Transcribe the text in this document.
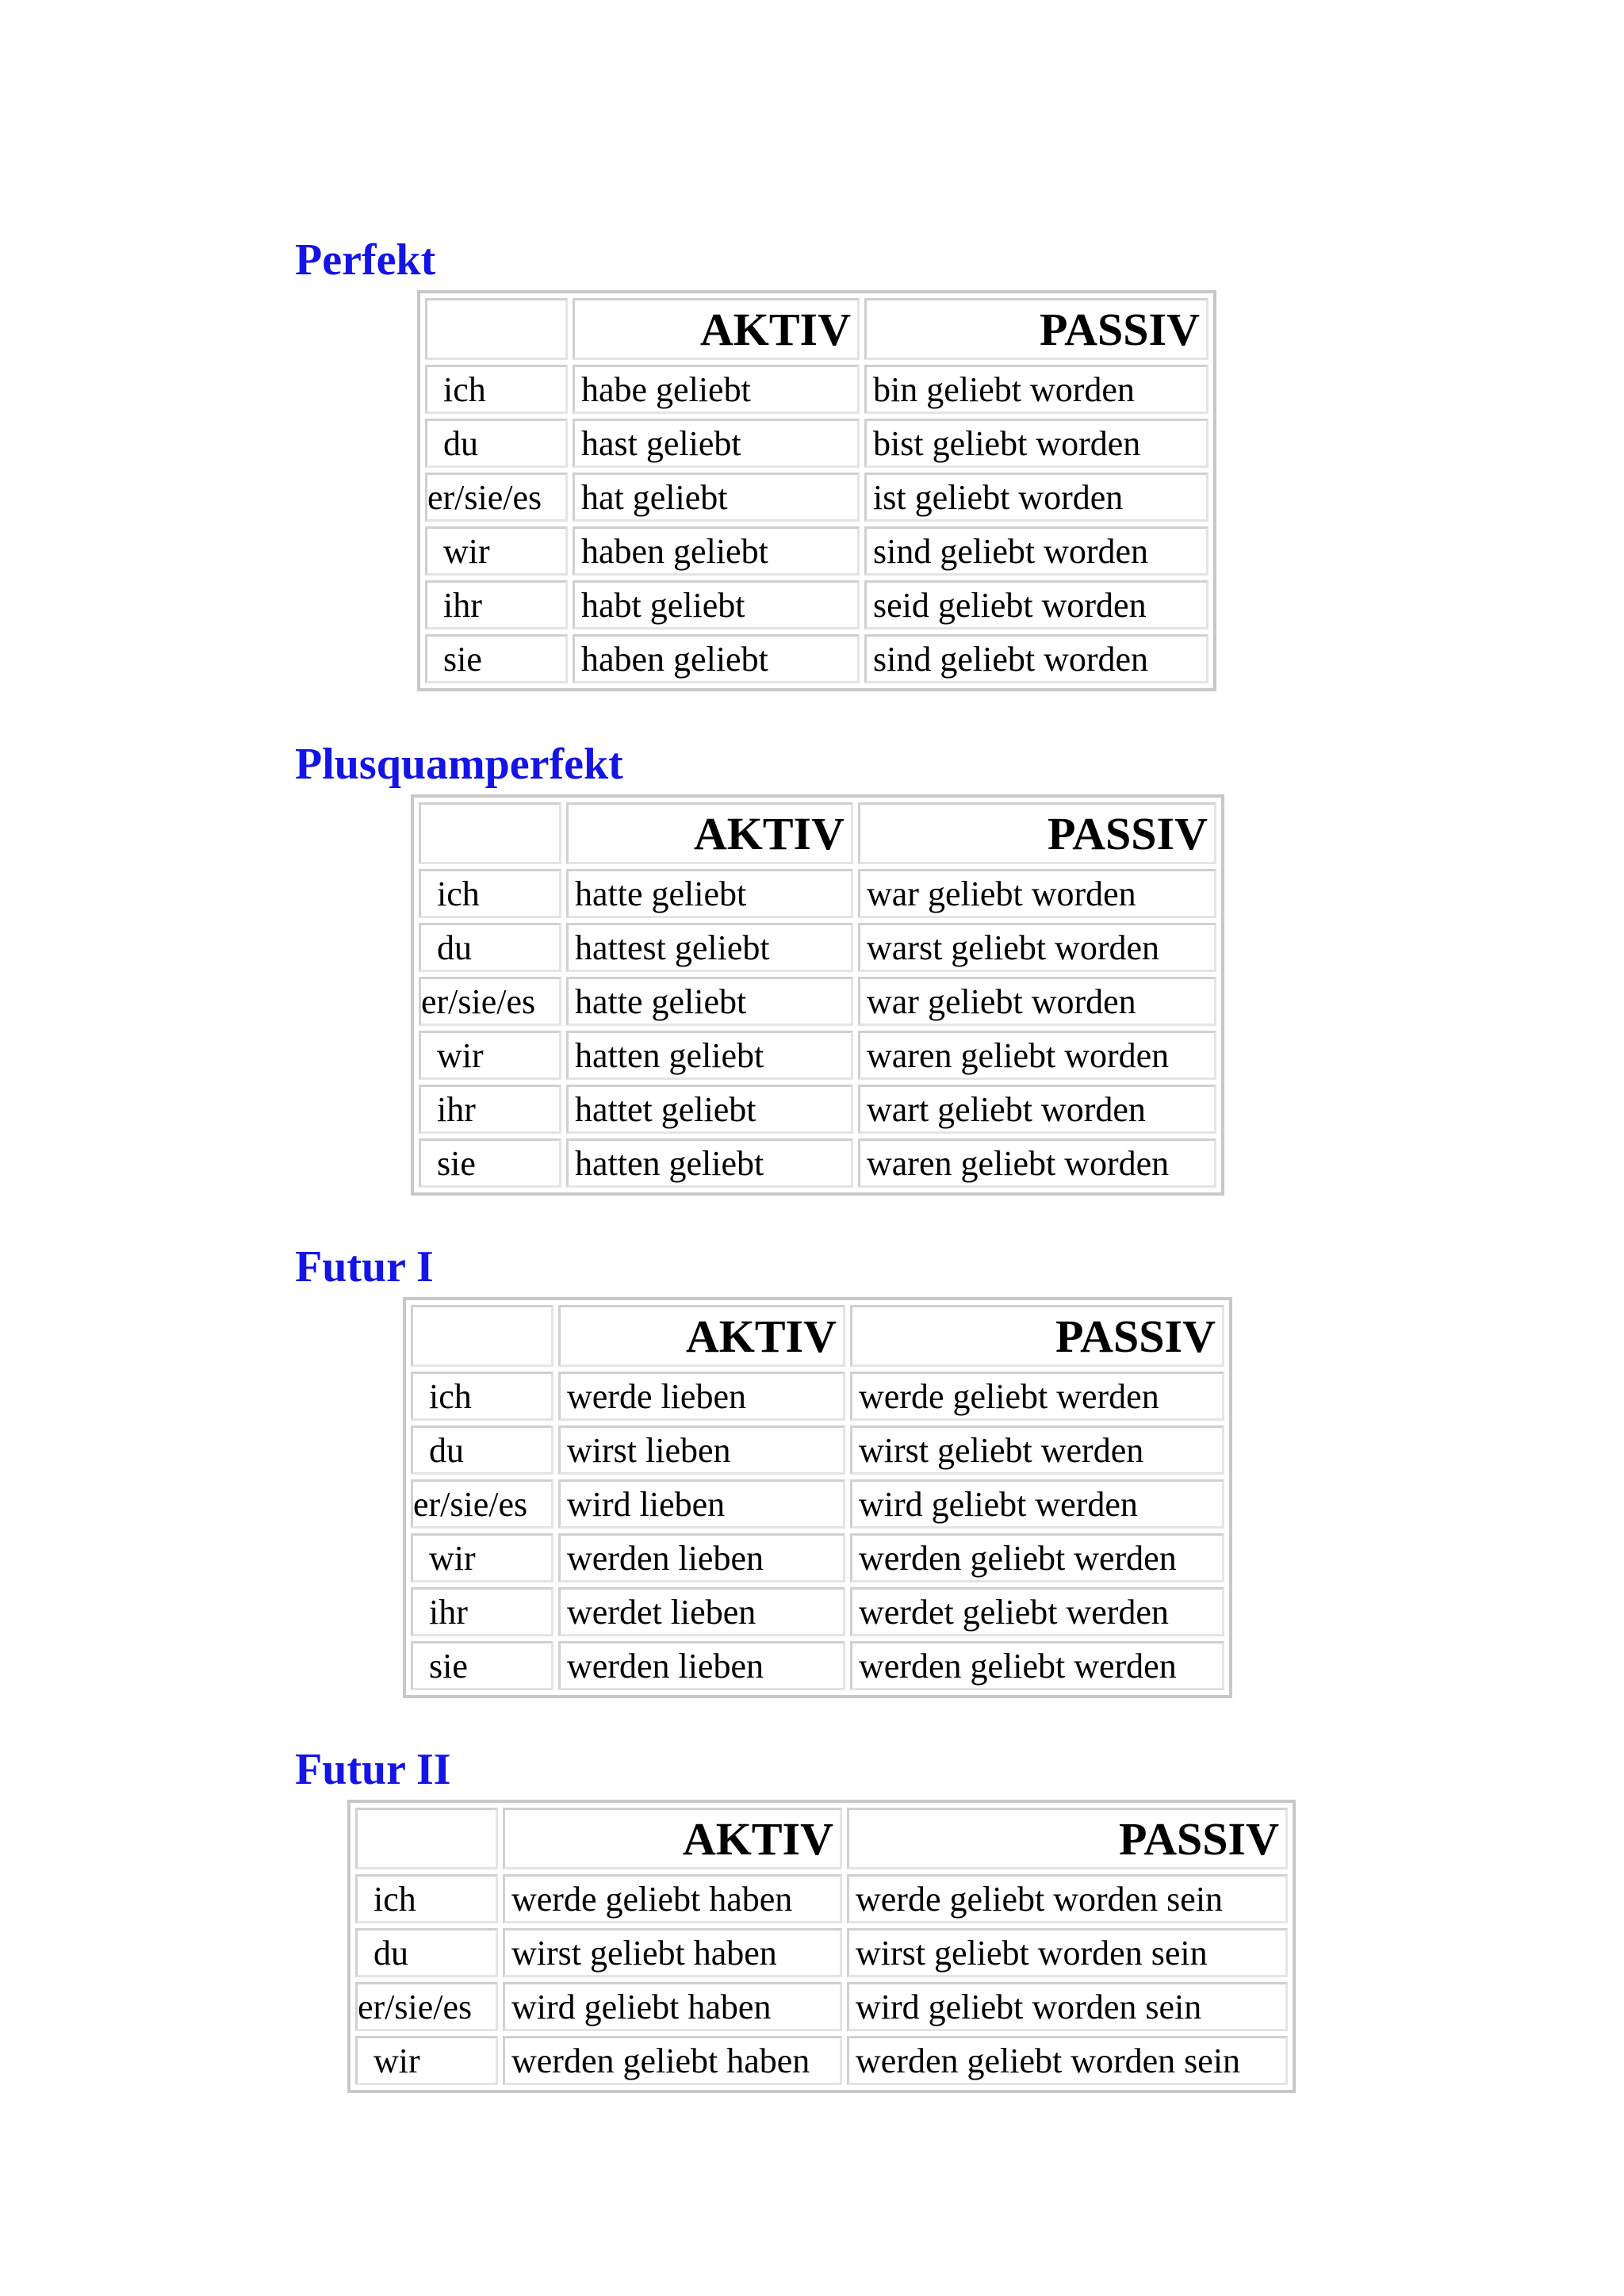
Perfekt
	AKTIV	PASSIV
ich	habe geliebt	bin geliebt worden
du	hast geliebt	bist geliebt worden
er/sie/es	hat geliebt	ist geliebt worden
wir	haben geliebt	sind geliebt worden
ihr	habt geliebt	seid geliebt worden
sie	haben geliebt	sind geliebt worden
Plusquamperfekt
	AKTIV	PASSIV
ich	hatte geliebt	war geliebt worden
du	hattest geliebt	warst geliebt worden
er/sie/es	hatte geliebt	war geliebt worden
wir	hatten geliebt	waren geliebt worden
ihr	hattet geliebt	wart geliebt worden
sie	hatten geliebt	waren geliebt worden
Futur I
	AKTIV	PASSIV
ich	werde lieben	werde geliebt werden
du	wirst lieben	wirst geliebt werden
er/sie/es	wird lieben	wird geliebt werden
wir	werden lieben	werden geliebt werden
ihr	werdet lieben	werdet geliebt werden
sie	werden lieben	werden geliebt werden
Futur II
	AKTIV	PASSIV
ich	werde geliebt haben	werde geliebt worden sein
du	wirst geliebt haben	wirst geliebt worden sein
er/sie/es	wird geliebt haben	wird geliebt worden sein
wir	werden geliebt haben	werden geliebt worden sein
